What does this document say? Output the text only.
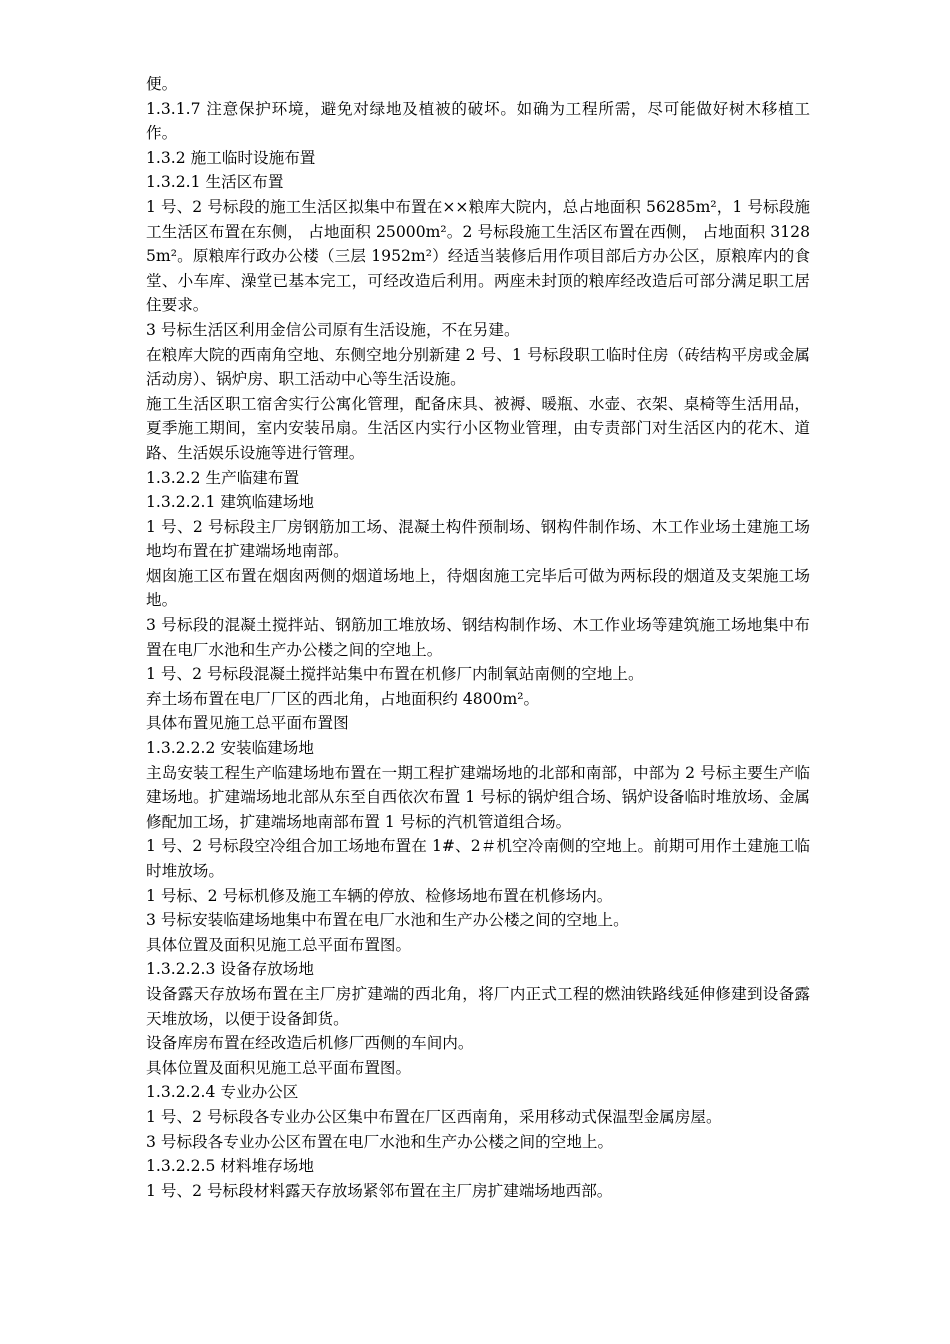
便。

1.3.1.7 注意保护环境，避免对绿地及植被的破坏。如确为工程所需，尽可能做好树木移植工作。

1.3.2 施工临时设施布置

1.3.2.1 生活区布置

1 号、2 号标段的施工生活区拟集中布置在××粮库大院内，总占地面积 56285m²，1 号标段施工生活区布置在东侧， 占地面积 25000m²。2 号标段施工生活区布置在西侧， 占地面积 31285m²。原粮库行政办公楼（三层 1952m²）经适当装修后用作项目部后方办公区，原粮库内的食堂、小车库、澡堂已基本完工，可经改造后利用。两座未封顶的粮库经改造后可部分满足职工居住要求。

3 号标生活区利用金信公司原有生活设施，不在另建。

在粮库大院的西南角空地、东侧空地分别新建 2 号、1 号标段职工临时住房（砖结构平房或金属活动房）、锅炉房、职工活动中心等生活设施。

施工生活区职工宿舍实行公寓化管理，配备床具、被褥、暖瓶、水壶、衣架、桌椅等生活用品，夏季施工期间，室内安装吊扇。生活区内实行小区物业管理，由专责部门对生活区内的花木、道路、生活娱乐设施等进行管理。

1.3.2.2 生产临建布置

1.3.2.2.1 建筑临建场地

1 号、2 号标段主厂房钢筋加工场、混凝土构件预制场、钢构件制作场、木工作业场土建施工场地均布置在扩建端场地南部。

烟囱施工区布置在烟囱两侧的烟道场地上，待烟囱施工完毕后可做为两标段的烟道及支架施工场地。

3 号标段的混凝土搅拌站、钢筋加工堆放场、钢结构制作场、木工作业场等建筑施工场地集中布置在电厂水池和生产办公楼之间的空地上。

1 号、2 号标段混凝土搅拌站集中布置在机修厂内制氧站南侧的空地上。

弃土场布置在电厂厂区的西北角，占地面积约 4800m²。

具体布置见施工总平面布置图

1.3.2.2.2 安装临建场地

主岛安装工程生产临建场地布置在一期工程扩建端场地的北部和南部，中部为 2 号标主要生产临建场地。扩建端场地北部从东至自西依次布置 1 号标的锅炉组合场、锅炉设备临时堆放场、金属修配加工场，扩建端场地南部布置 1 号标的汽机管道组合场。

1 号、2 号标段空冷组合加工场地布置在 1#、2＃机空冷南侧的空地上。前期可用作土建施工临时堆放场。

1 号标、2 号标机修及施工车辆的停放、检修场地布置在机修场内。

3 号标安装临建场地集中布置在电厂水池和生产办公楼之间的空地上。

具体位置及面积见施工总平面布置图。

1.3.2.2.3 设备存放场地

设备露天存放场布置在主厂房扩建端的西北角，将厂内正式工程的燃油铁路线延伸修建到设备露天堆放场，以便于设备卸货。

设备库房布置在经改造后机修厂西侧的车间内。

具体位置及面积见施工总平面布置图。

1.3.2.2.4 专业办公区

1 号、2 号标段各专业办公区集中布置在厂区西南角，采用移动式保温型金属房屋。

3 号标段各专业办公区布置在电厂水池和生产办公楼之间的空地上。

1.3.2.2.5 材料堆存场地

1 号、2 号标段材料露天存放场紧邻布置在主厂房扩建端场地西部。
